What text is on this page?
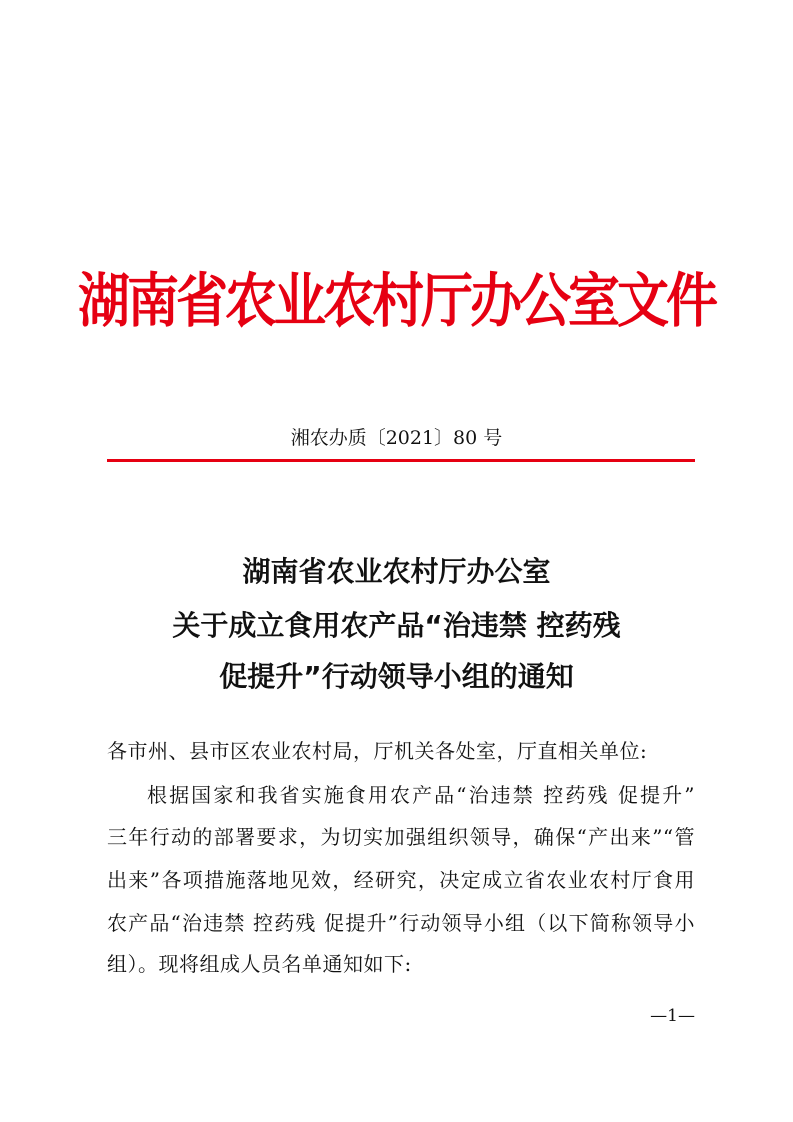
湖南省农业农村厅办公室文件
湘农办质〔2021〕80 号
湖南省农业农村厅办公室
关于成立食用农产品“治违禁 控药残
促提升”行动领导小组的通知
各市州、县市区农业农村局，厅机关各处室，厅直相关单位:
根据国家和我省实施食用农产品“治违禁 控药残 促提升”
三年行动的部署要求，为切实加强组织领导，确保“产出来”“管
出来”各项措施落地见效，经研究，决定成立省农业农村厅食用
农产品“治违禁 控药残 促提升”行动领导小组（以下简称领导小
组）。现将组成人员名单通知如下:
—1—
